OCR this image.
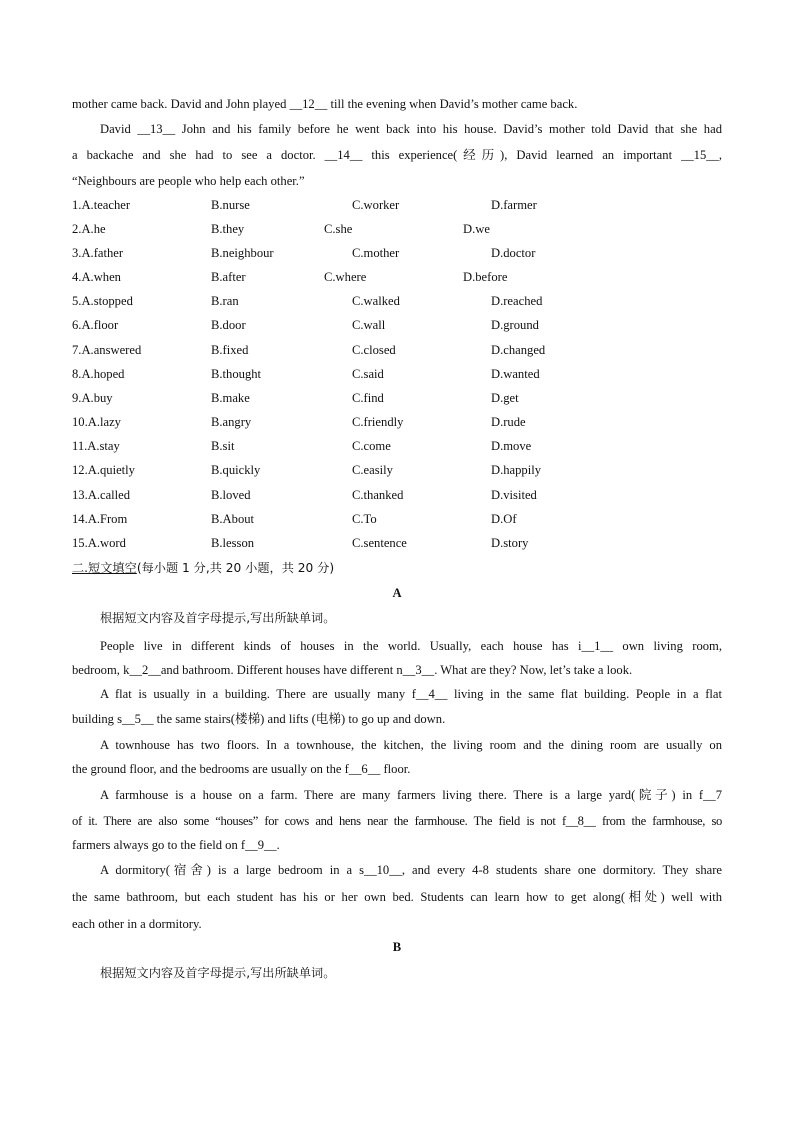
mother came back. David and John played __12__ till the evening when David’s mother came back.
David __13__ John and his family before he went back into his house. David’s mother told David that she had
a backache and she had to see a doctor. __14__ this experience(经历), David learned an important __15__,
“Neighbours are people who help each other.”
1.A.teacher	B.nurse	C.worker	D.farmer
2.A.he	B.they	C.she	D.we
3.A.father	B.neighbour	C.mother	D.doctor
4.A.when	B.after	C.where	D.before
5.A.stopped	B.ran	C.walked	D.reached
6.A.floor	B.door	C.wall	D.ground
7.A.answered	B.fixed	C.closed	D.changed
8.A.hoped	B.thought	C.said	D.wanted
9.A.buy	B.make	C.find	D.get
10.A.lazy	B.angry	C.friendly	D.rude
11.A.stay	B.sit	C.come	D.move
12.A.quietly	B.quickly	C.easily	D.happily
13.A.called	B.loved	C.thanked	D.visited
14.A.From	B.About	C.To	D.Of
15.A.word	B.lesson	C.sentence	D.story
二.短文填空(每小题 1 分,共 20 小题，共 20 分)
A
根据短文内容及首字母提示,写出所缺单词。
People live in different kinds of houses in the world. Usually, each house has i__1__ own living room,
bedroom, k__2__and bathroom. Different houses have different n__3__. What are they? Now, let’s take a look.
A flat is usually in a building. There are usually many f__4__ living in the same flat building. People in a flat
building s__5__ the same stairs(楼梯) and lifts (电梯) to go up and down.
A townhouse has two floors. In a townhouse, the kitchen, the living room and the dining room are usually on
the ground floor, and the bedrooms are usually on the f__6__ floor.
A farmhouse is a house on a farm. There are many farmers living there. There is a large yard(院子) in f__7
of it. There are also some “houses” for cows and hens near the farmhouse. The field is not f__8__ from the farmhouse, so
farmers always go to the field on f__9__.
A dormitory(宿舍) is a large bedroom in a s__10__, and every 4-8 students share one dormitory. They share
the same bathroom, but each student has his or her own bed. Students can learn how to get along(相处) well with
each other in a dormitory.
B
根据短文内容及首字母提示,写出所缺单词。
